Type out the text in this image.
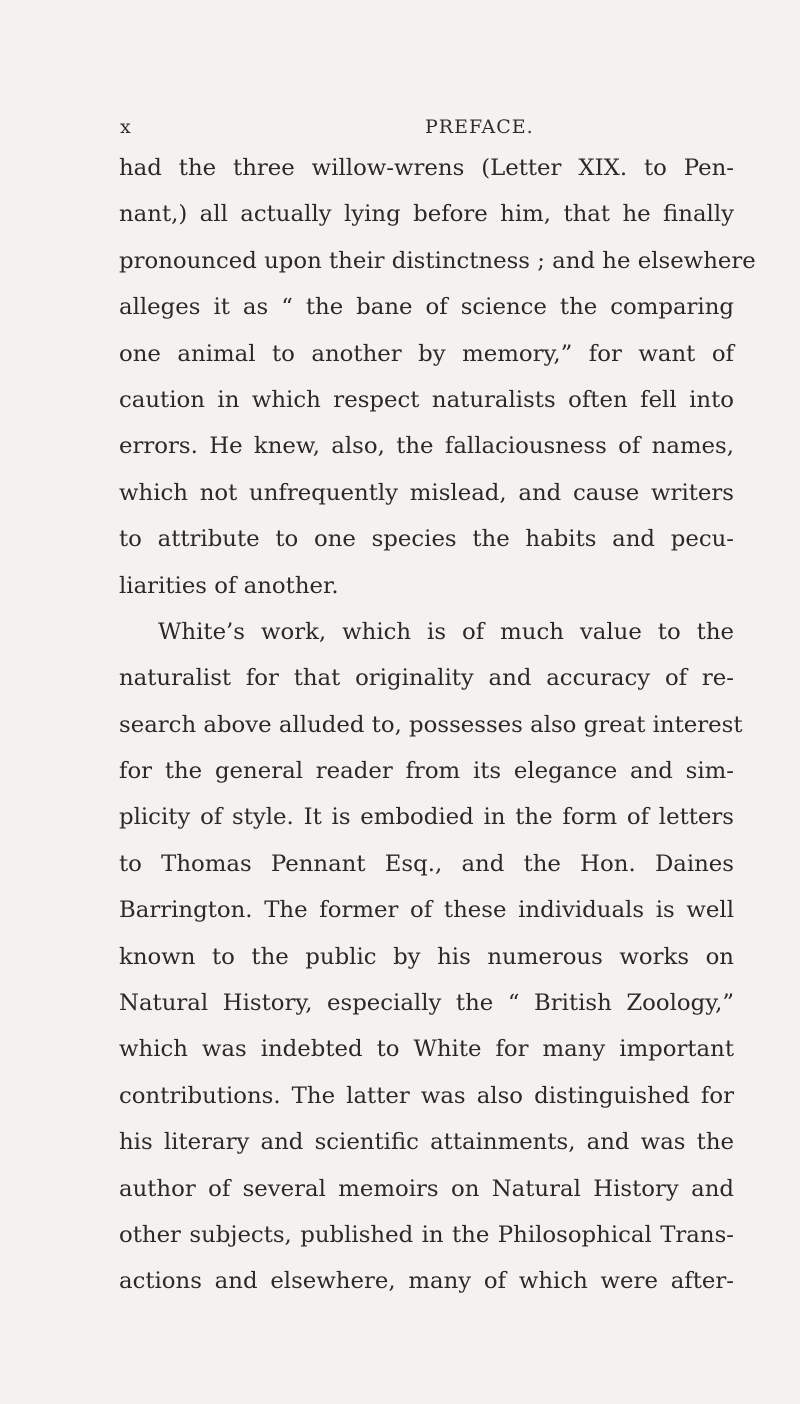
x	PREFACE.
had the three willow-wrens (Letter XIX. to Pen-
nant,) all actually lying before him, that he finally
pronounced upon their distinctness ; and he elsewhere
alleges it as “ the bane of science the comparing
one animal to another by memory,” for want of
caution in which respect naturalists often fell into
errors. He knew, also, the fallaciousness of names,
which not unfrequently mislead, and cause writers
to attribute to one species the habits and pecu-
liarities of another.
White’s work, which is of much value to the
naturalist for that originality and accuracy of re-
search above alluded to, possesses also great interest
for the general reader from its elegance and sim-
plicity of style. It is embodied in the form of letters
to Thomas Pennant Esq., and the Hon. Daines
Barrington. The former of these individuals is well
known to the public by his numerous works on
Natural History, especially the “ British Zoology,”
which was indebted to White for many important
contributions. The latter was also distinguished for
his literary and scientific attainments, and was the
author of several memoirs on Natural History and
other subjects, published in the Philosophical Trans-
actions and elsewhere, many of which were after-
